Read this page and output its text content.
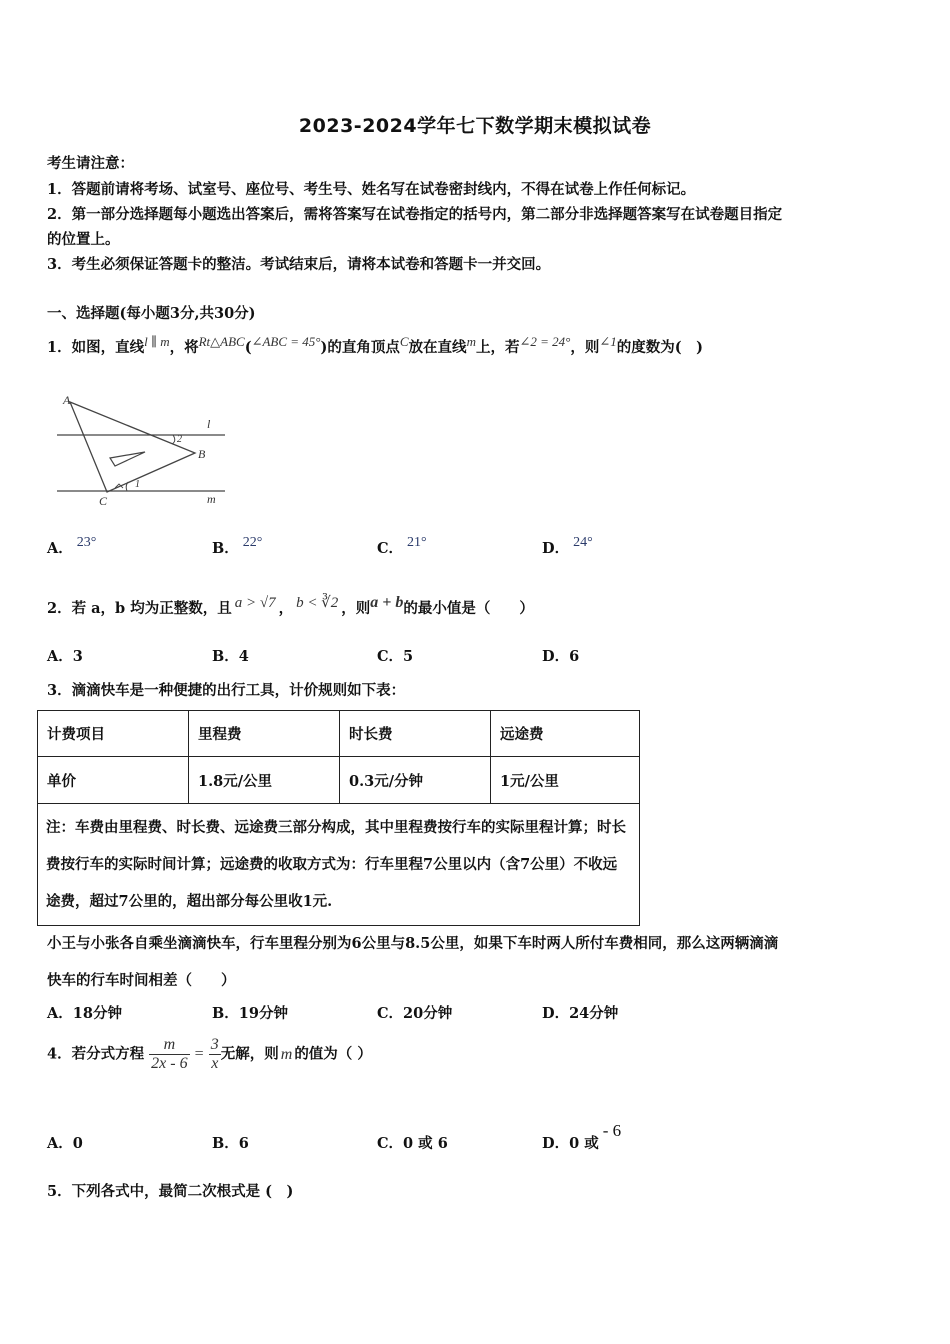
2023-2024学年七下数学期末模拟试卷
考生请注意：
1．答题前请将考场、试室号、座位号、考生号、姓名写在试卷密封线内，不得在试卷上作任何标记。
2．第一部分选择题每小题选出答案后，需将答案写在试卷指定的括号内，第二部分非选择题答案写在试卷题目指定
的位置上。
3．考生必须保证答题卡的整洁。考试结束后，请将本试卷和答题卡一并交回。
一、选择题(每小题3分,共30分)
1．如图，直线l ∥ m，将Rt△ABC(∠ABC = 45°)的直角顶点C放在直线m上，若∠2 = 24°，则∠1的度数为(　)
A
B
C
l
m
2
1
A． 23°	B． 22°	C． 21°	D． 24°
2．若 a，b 均为正整数，且 a > √7 ， b < ∛2 ，则a + b的最小值是（　　）
A．3	B．4	C．5	D．6
3．滴滴快车是一种便捷的出行工具，计价规则如下表：
计费项目	里程费	时长费	远途费
单价	1.8元/公里	0.3元/分钟	1元/公里
注：车费由里程费、时长费、远途费三部分构成，其中里程费按行车的实际里程计算；时长费按行车的实际时间计算；远途费的收取方式为：行车里程7公里以内（含7公里）不收远途费，超过7公里的，超出部分每公里收1元.			
小王与小张各自乘坐滴滴快车，行车里程分别为6公里与8.5公里，如果下车时两人所付车费相同，那么这两辆滴滴
快车的行车时间相差（　　）
A．18分钟	B．19分钟	C．20分钟	D．24分钟
4．若分式方程 $\frac{m}{2x - 6} = \frac{3}{x}$ 无解，则 m 的值为（ ）
A．0	B．6	C．0 或 6	D．0 或- 6
5．下列各式中，最简二次根式是 (　)
